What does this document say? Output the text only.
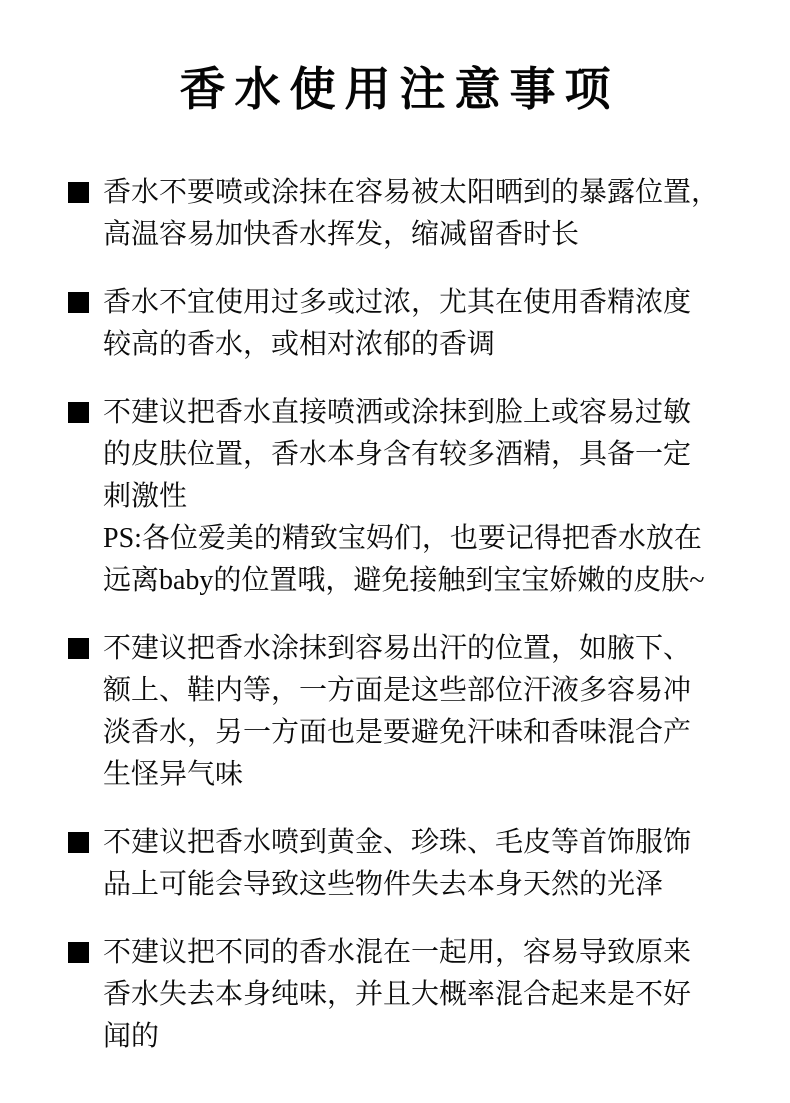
香水使用注意事项
香水不要喷或涂抹在容易被太阳晒到的暴露位置，
高温容易加快香水挥发，缩减留香时长
香水不宜使用过多或过浓，尤其在使用香精浓度
较高的香水，或相对浓郁的香调
不建议把香水直接喷洒或涂抹到脸上或容易过敏
的皮肤位置，香水本身含有较多酒精，具备一定
刺激性
PS:各位爱美的精致宝妈们，也要记得把香水放在
远离baby的位置哦，避免接触到宝宝娇嫩的皮肤~
不建议把香水涂抹到容易出汗的位置，如腋下、
额上、鞋内等，一方面是这些部位汗液多容易冲
淡香水，另一方面也是要避免汗味和香味混合产
生怪异气味
不建议把香水喷到黄金、珍珠、毛皮等首饰服饰
品上可能会导致这些物件失去本身天然的光泽
不建议把不同的香水混在一起用，容易导致原来
香水失去本身纯味，并且大概率混合起来是不好
闻的
